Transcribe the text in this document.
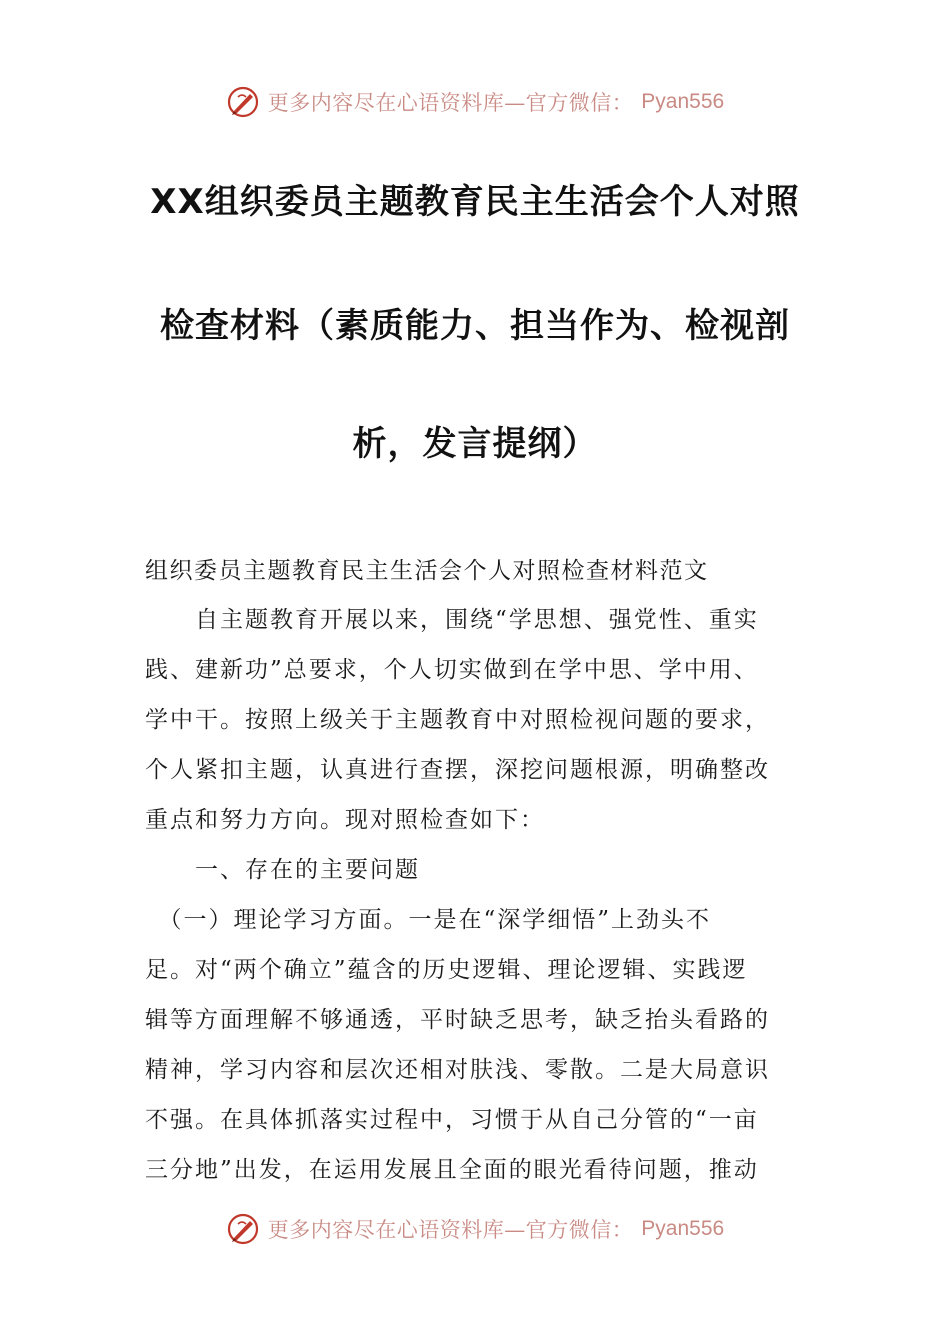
更多内容尽在心语资料库—官方微信： Pyan556
XX组织委员主题教育民主生活会个人对照
检查材料（素质能力、担当作为、检视剖
析，发言提纲）

组织委员主题教育民主生活会个人对照检查材料范文

　　自主题教育开展以来，围绕“学思想、强党性、重实

践、建新功”总要求，个人切实做到在学中思、学中用、

学中干。按照上级关于主题教育中对照检视问题的要求，

个人紧扣主题，认真进行查摆，深挖问题根源，明确整改

重点和努力方向。现对照检查如下：

　　一、存在的主要问题

　（一）理论学习方面。一是在“深学细悟”上劲头不

足。对“两个确立”蕴含的历史逻辑、理论逻辑、实践逻

辑等方面理解不够通透，平时缺乏思考，缺乏抬头看路的

精神，学习内容和层次还相对肤浅、零散。二是大局意识

不强。在具体抓落实过程中，习惯于从自己分管的“一亩

三分地”出发，在运用发展且全面的眼光看待问题，推动

更多内容尽在心语资料库—官方微信： Pyan556
